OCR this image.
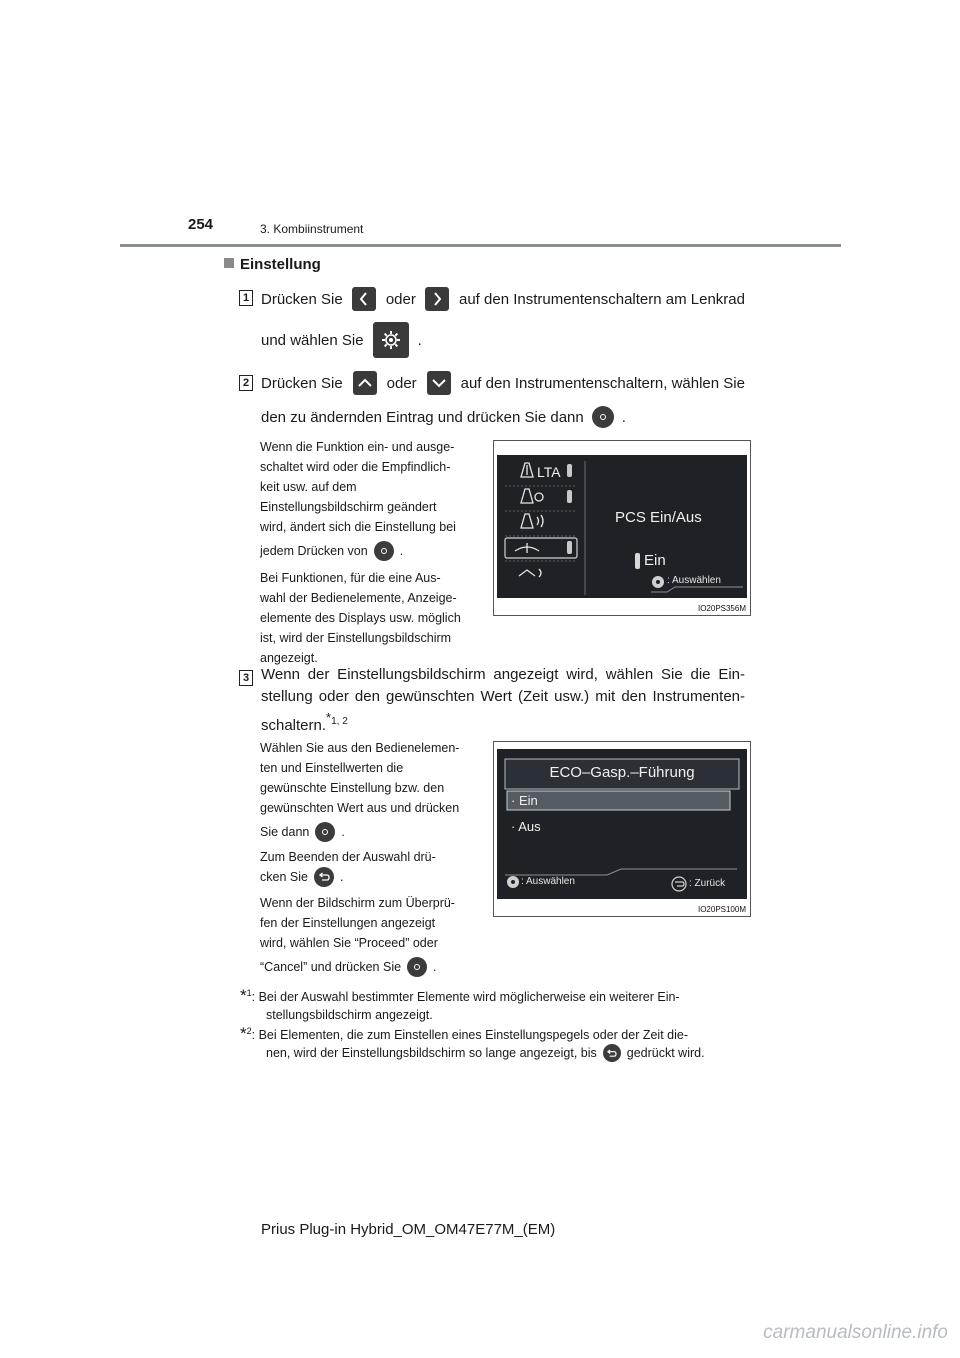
254	3. Kombiinstrument
Einstellung
1 Drücken Sie	oder	auf den Instrumentenschaltern am Lenkrad
und wählen Sie	.
2 Drücken Sie	oder	auf den Instrumentenschaltern, wählen Sie
den zu ändernden Eintrag und drücken Sie dann	.

Wenn die Funktion ein- und ausge-

schaltet wird oder die Empfindlich-

keit usw. auf dem

Einstellungsbildschirm geändert

wird, ändert sich die Einstellung bei

jedem Drücken von	.

Bei Funktionen, für die eine Aus-

wahl der Bedienelemente, Anzeige-

elemente des Displays usw. möglich

ist, wird der Einstellungsbildschirm

angezeigt.

LTA
PCS Ein/Aus
Ein
: Auswählen
IO20PS356M
3 Wenn der Einstellungsbildschirm angezeigt wird, wählen Sie die Ein-
stellung oder den gewünschten Wert (Zeit usw.) mit den Instrumenten-
schaltern.*$^{1, 2}$

Wählen Sie aus den Bedienelemen-

ten und Einstellwerten die

gewünschte Einstellung bzw. den

gewünschten Wert aus und drücken

Sie dann	.

Zum Beenden der Auswahl drü-

cken Sie	.

Wenn der Bildschirm zum Überprü-

fen der Einstellungen angezeigt

wird, wählen Sie “Proceed” oder

“Cancel” und drücken Sie	.

ECO–Gasp.–Führung
· Ein
· Aus
: Auswählen	: Zurück
IO20PS100M
*$^1$: Bei der Auswahl bestimmter Elemente wird möglicherweise ein weiterer Ein-
stellungsbildschirm angezeigt.
*$^2$: Bei Elementen, die zum Einstellen eines Einstellungspegels oder der Zeit die-
nen, wird der Einstellungsbildschirm so lange angezeigt, bis gedrückt wird.
Prius Plug-in Hybrid_OM_OM47E77M_(EM)
carmanualsonline.info
